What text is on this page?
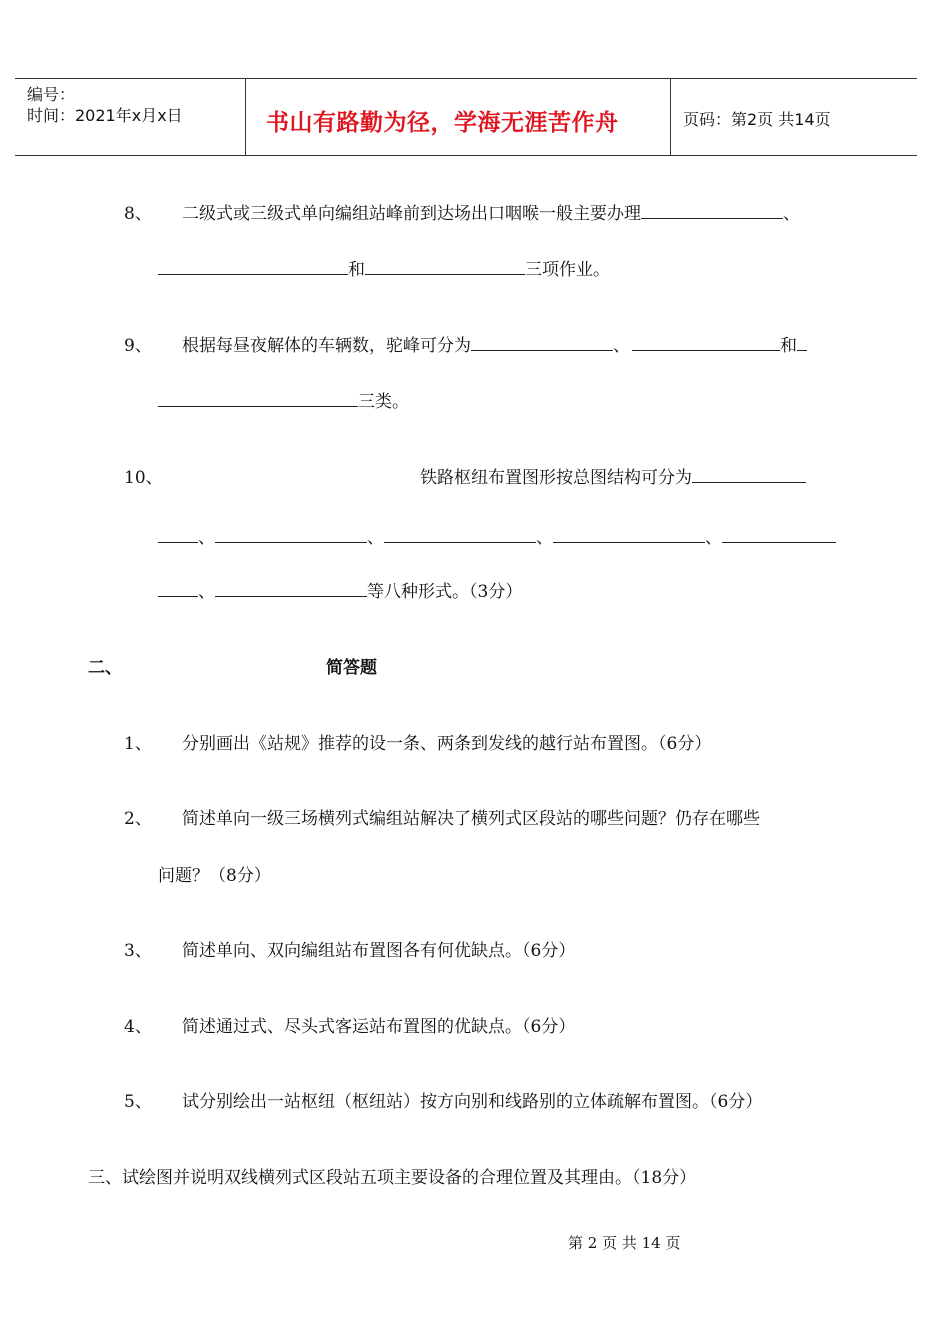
编号：
时间：2021年x月x日	书山有路勤为径，学海无涯苦作舟	页码：第2页 共14页
8、 二级式或三级式单向编组站峰前到达场出口咽喉一般主要办理	、
和	三项作业。
9、 根据每昼夜解体的车辆数，驼峰可分为	、	和
三类。
10、	铁路枢纽布置图形按总图结构可分为
、	、	、	、
、	等八种形式。（3分）
二、	简答题
1、 分别画出《站规》推荐的设一条、两条到发线的越行站布置图。（6分）
2、 简述单向一级三场横列式编组站解决了横列式区段站的哪些问题？仍存在哪些
问题？（8分）
3、 简述单向、双向编组站布置图各有何优缺点。（6分）
4、 简述通过式、尽头式客运站布置图的优缺点。（6分）
5、 试分别绘出一站枢纽（枢纽站）按方向别和线路别的立体疏解布置图。（6分）
三、试绘图并说明双线横列式区段站五项主要设备的合理位置及其理由。（18分）
第 2 页 共 14 页
